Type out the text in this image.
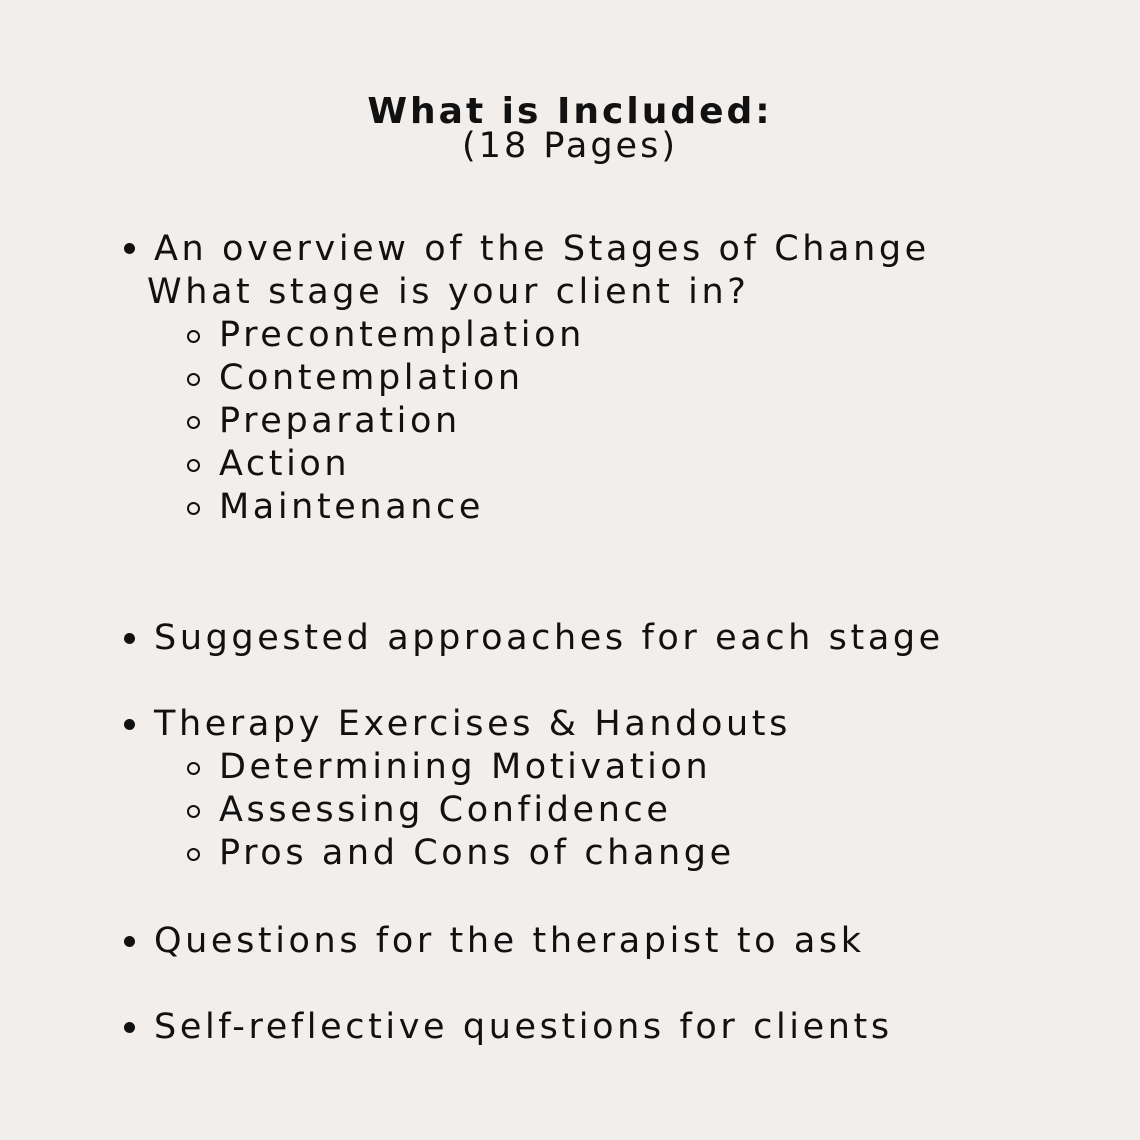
What is Included:
(18 Pages)
An overview of the Stages of Change
What stage is your client in?
Precontemplation
Contemplation
Preparation
Action
Maintenance
Suggested approaches for each stage
Therapy Exercises & Handouts
Determining Motivation
Assessing Confidence
Pros and Cons of change
Questions for the therapist to ask
Self-reflective questions for clients
